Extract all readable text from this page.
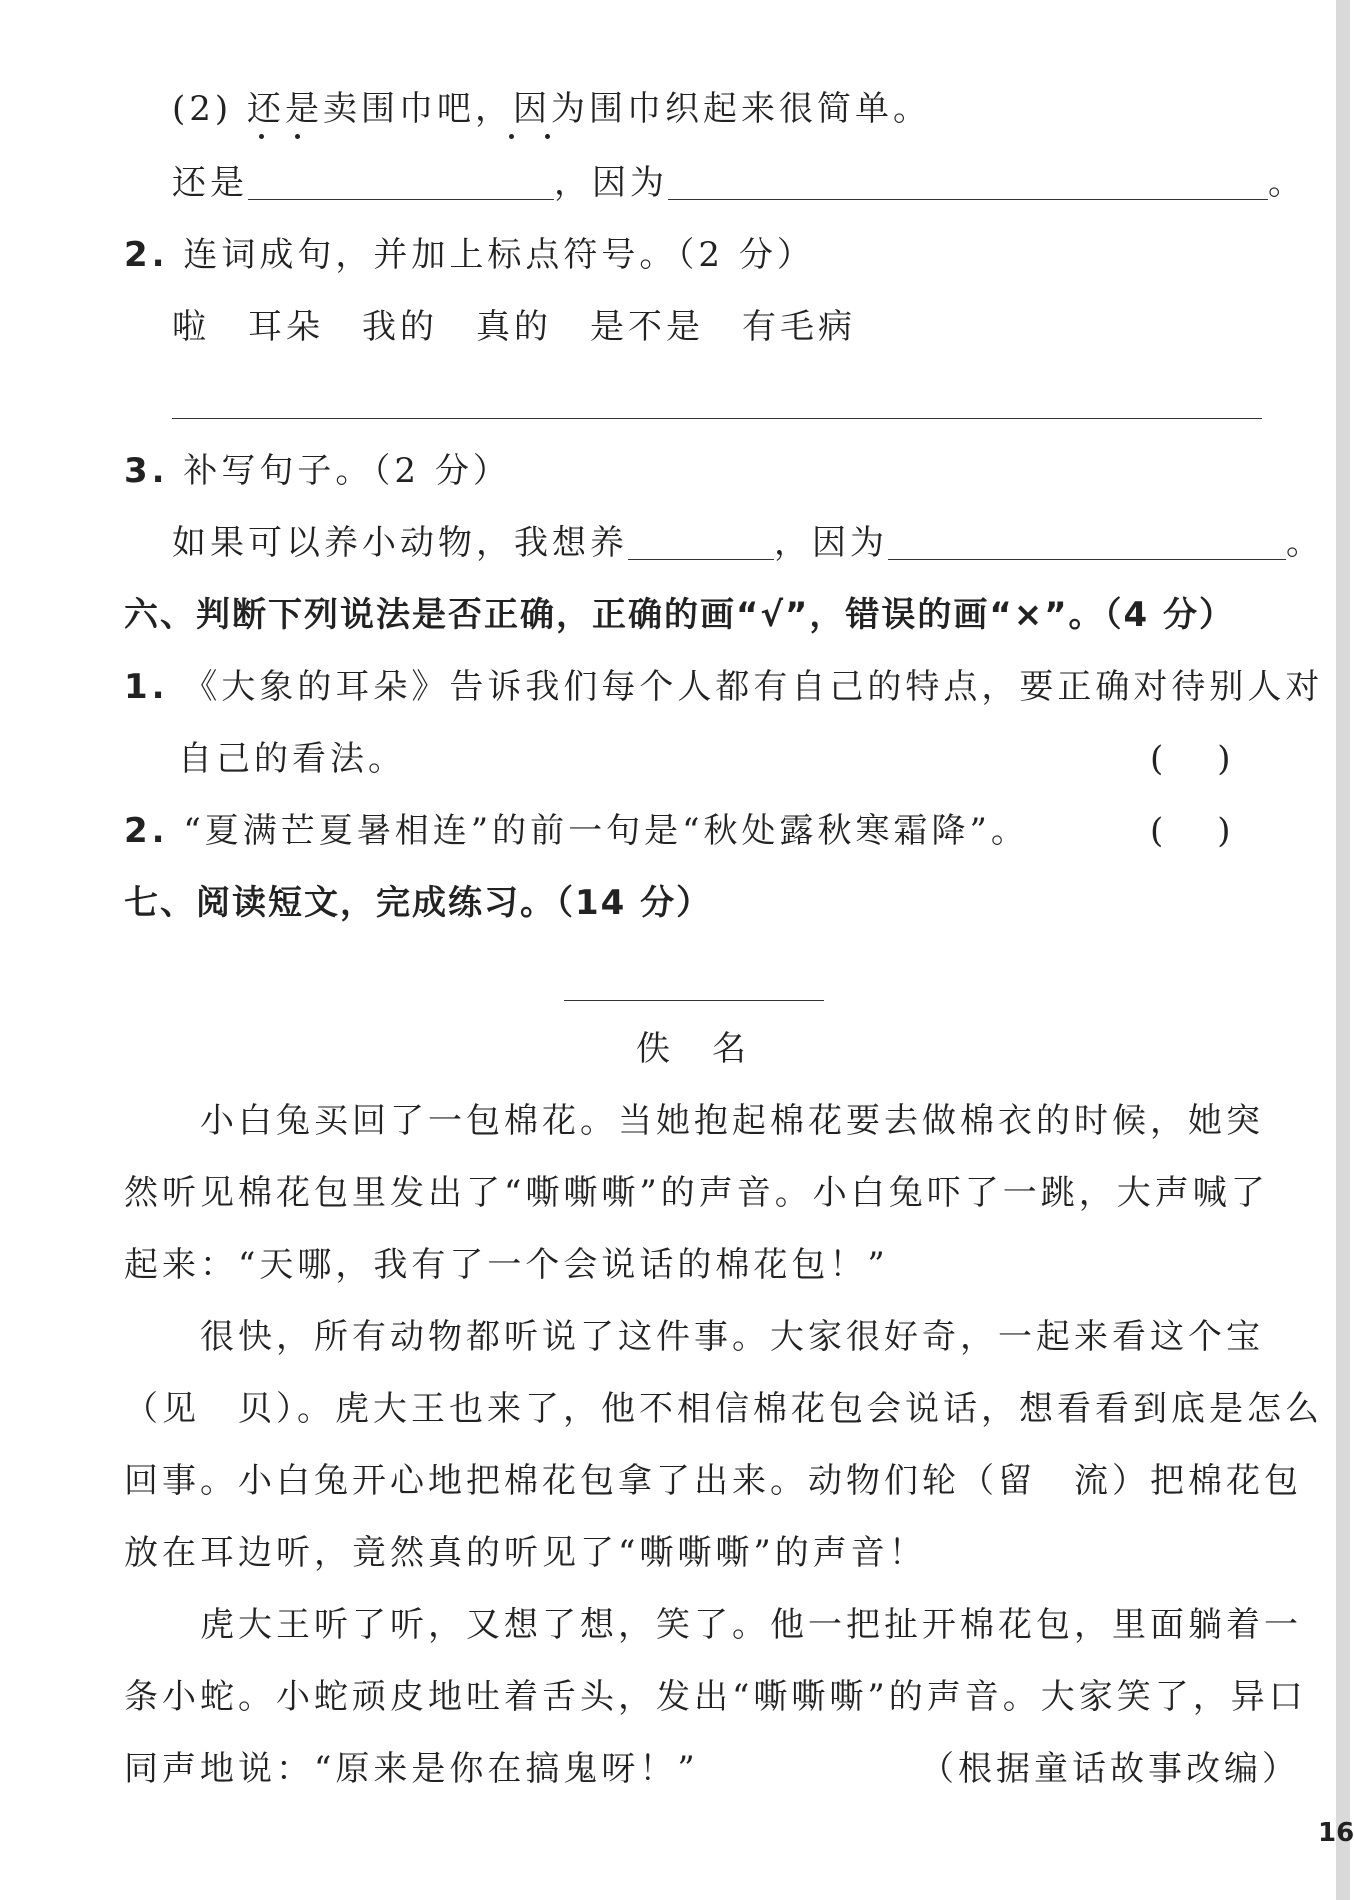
(2) 还是卖围巾吧，因为围巾织起来很简单。
还是	，因为	。
2. 连词成句，并加上标点符号。（2 分）
啦　耳朵　我的　真的　是不是　有毛病
3. 补写句子。（2 分）
如果可以养小动物，我想养	，因为	。
六、判断下列说法是否正确，正确的画“√”，错误的画“×”。（4 分）
1. 《大象的耳朵》告诉我们每个人都有自己的特点，要正确对待别人对
自己的看法。	(     )
2. “夏满芒夏暑相连”的前一句是“秋处露秋寒霜降”。	(     )
七、阅读短文，完成练习。（14 分）
佚　名
小白兔买回了一包棉花。当她抱起棉花要去做棉衣的时候，她突
然听见棉花包里发出了“嘶嘶嘶”的声音。小白兔吓了一跳，大声喊了
起来：“天哪，我有了一个会说话的棉花包！”
很快，所有动物都听说了这件事。大家很好奇，一起来看这个宝
（见　贝）。虎大王也来了，他不相信棉花包会说话，想看看到底是怎么
回事。小白兔开心地把棉花包拿了出来。动物们轮（留　流）把棉花包
放在耳边听，竟然真的听见了“嘶嘶嘶”的声音！
虎大王听了听，又想了想，笑了。他一把扯开棉花包，里面躺着一
条小蛇。小蛇顽皮地吐着舌头，发出“嘶嘶嘶”的声音。大家笑了，异口
同声地说：“原来是你在搞鬼呀！”	（根据童话故事改编）
16
